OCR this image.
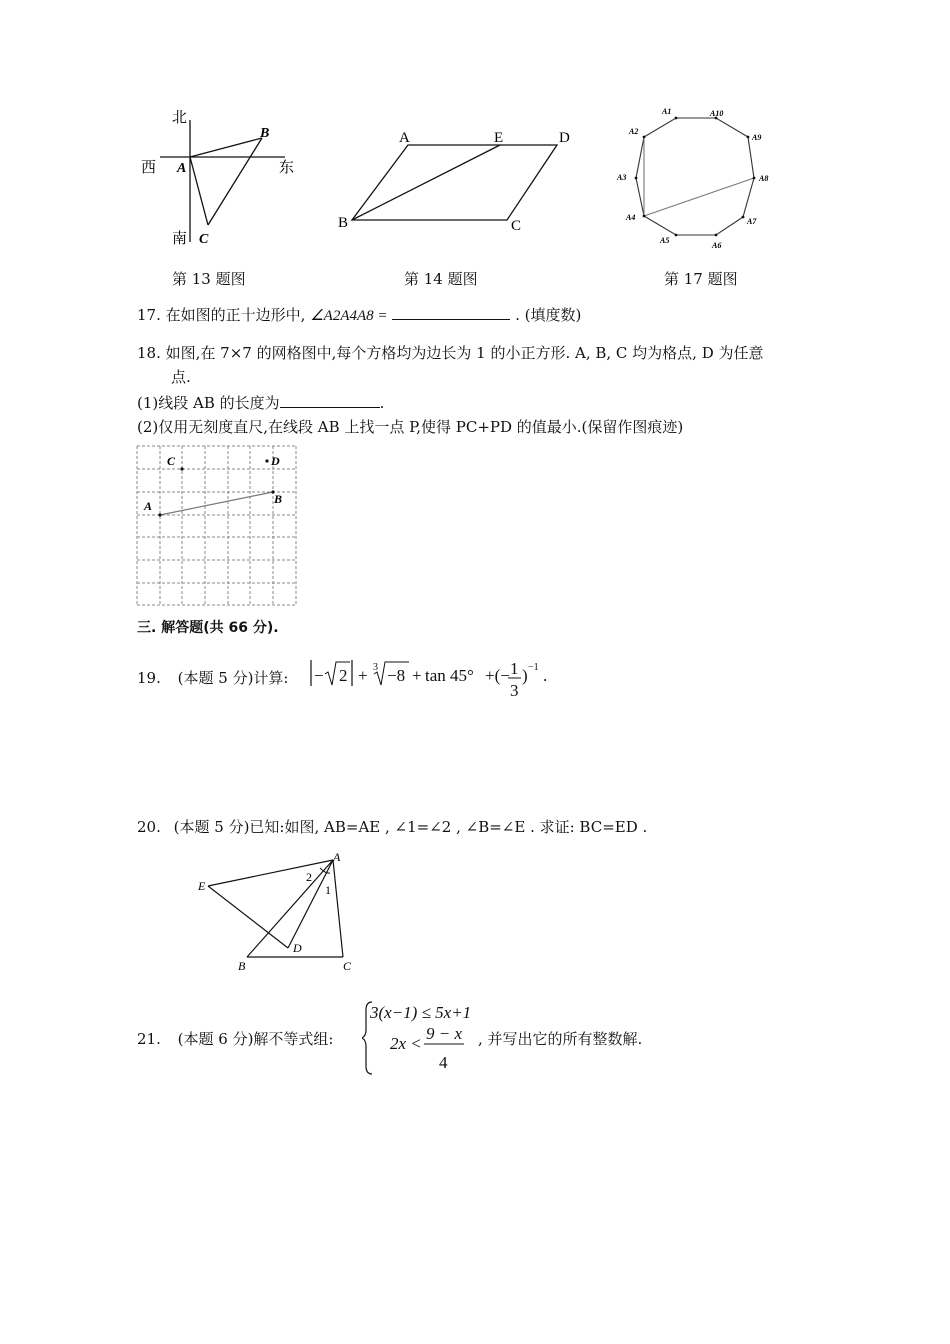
北
西	东
南
A
B
C
第 13 题图
A	E	D
B	C
第 14 题图
A1	A10
A9
A8
A7
A6
A5
A4
A3
A2
第 17 题图
17. 在如图的正十边形中, ∠A2A4A8 =	. (填度数)
18. 如图,在 7×7 的网格图中,每个方格均为边长为 1 的小正方形. A, B, C 均为格点, D 为任意
点.
(1)线段 AB 的长度为	.
(2)仅用无刻度直尺,在线段 AB 上找一点 P,使得 PC+PD 的值最小.(保留作图痕迹)
A	B
C	D
三. 解答题(共 66 分).
19. (本题 5 分)计算: − 2 + 3 −8 + tan 45° +(− 1
3
) −1 .
20. (本题 5 分)已知:如图, AB=AE , ∠1=∠2 , ∠B=∠E . 求证: BC=ED .
A
E
B	C
D
2
1
21. (本题 6 分)解不等式组:
3(x−1) ≤ 5x+1
2x <
9 − x
4
, 并写出它的所有整数解.
